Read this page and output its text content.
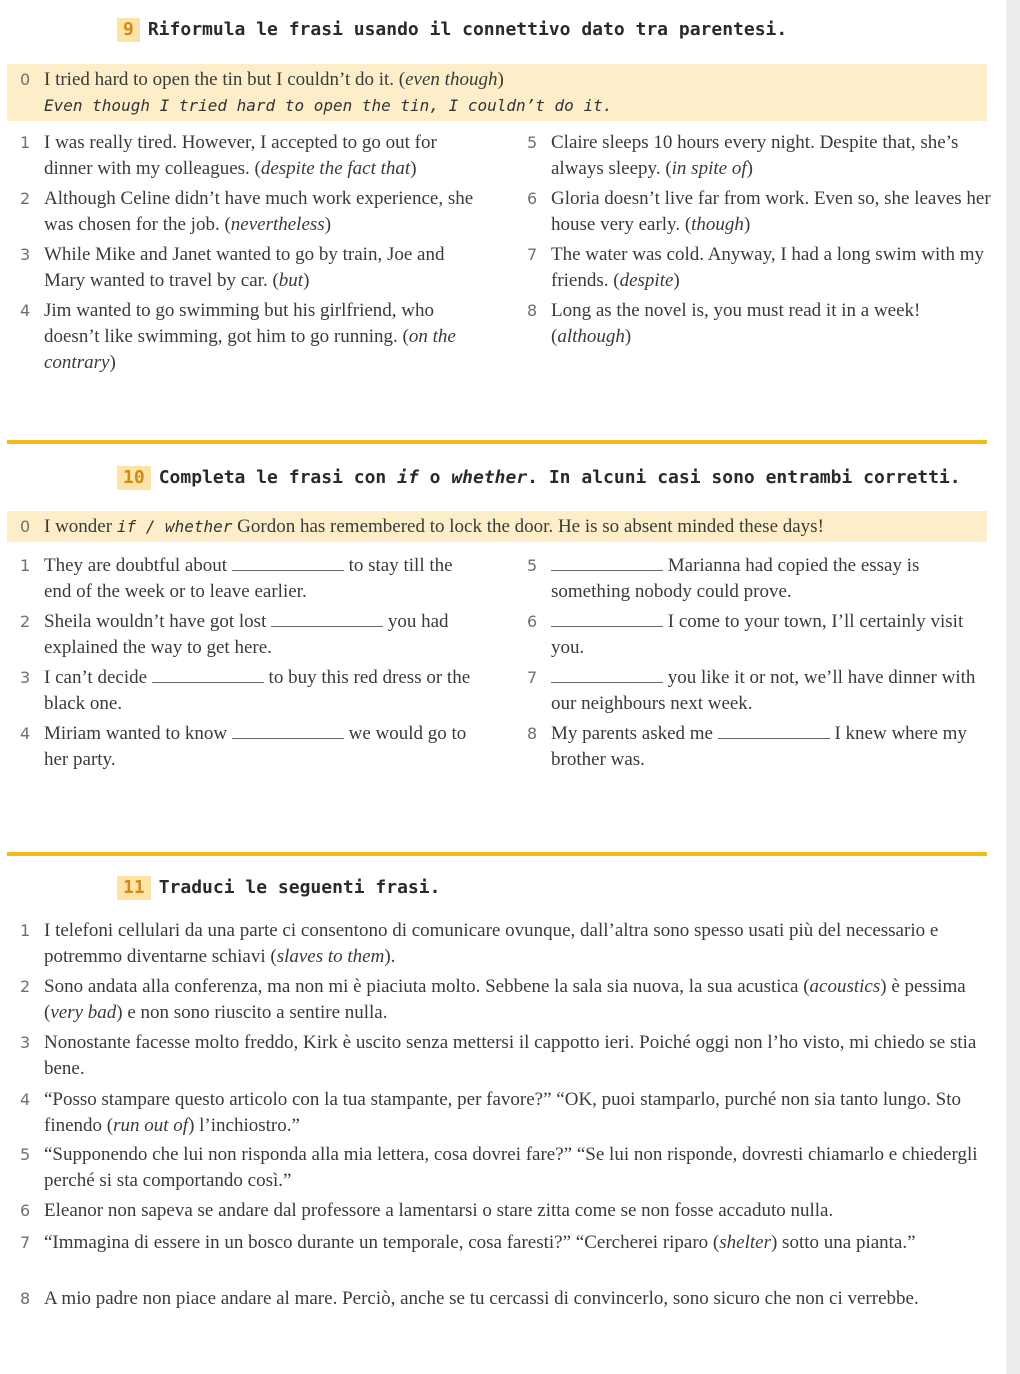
9 Riformula le frasi usando il connettivo dato tra parentesi.
0 I tried hard to open the tin but I couldn’t do it. (even though)
Even though I tried hard to open the tin, I couldn’t do it.
1 I was really tired. However, I accepted to go out for dinner with my colleagues. (despite the fact that)
2 Although Celine didn’t have much work experience, she was chosen for the job. (nevertheless)
3 While Mike and Janet wanted to go by train, Joe and Mary wanted to travel by car. (but)
4 Jim wanted to go swimming but his girlfriend, who doesn’t like swimming, got him to go running. (on the contrary)
5 Claire sleeps 10 hours every night. Despite that, she’s always sleepy. (in spite of)
6 Gloria doesn’t live far from work. Even so, she leaves her house very early. (though)
7 The water was cold. Anyway, I had a long swim with my friends. (despite)
8 Long as the novel is, you must read it in a week! (although)
10 Completa le frasi con if o whether. In alcuni casi sono entrambi corretti.
0 I wonder if / whether Gordon has remembered to lock the door. He is so absent minded these days!
1 They are doubtful about	to stay till the end of the week or to leave earlier.
2 Sheila wouldn’t have got lost	you had explained the way to get here.
3 I can’t decide	to buy this red dress or the black one.
4 Miriam wanted to know	we would go to her party.
5	Marianna had copied the essay is something nobody could prove.
6	I come to your town, I’ll certainly visit you.
7	you like it or not, we’ll have dinner with our neighbours next week.
8 My parents asked me	I knew where my brother was.
11 Traduci le seguenti frasi.
1 I telefoni cellulari da una parte ci consentono di comunicare ovunque, dall’altra sono spesso usati più del necessario e potremmo diventarne schiavi (slaves to them).
2 Sono andata alla conferenza, ma non mi è piaciuta molto. Sebbene la sala sia nuova, la sua acustica (acoustics) è pessima (very bad) e non sono riuscito a sentire nulla.
3 Nonostante facesse molto freddo, Kirk è uscito senza mettersi il cappotto ieri. Poiché oggi non l’ho visto, mi chiedo se stia bene.
4 “Posso stampare questo articolo con la tua stampante, per favore?” “OK, puoi stamparlo, purché non sia tanto lungo. Sto finendo (run out of) l’inchiostro.”
5 “Supponendo che lui non risponda alla mia lettera, cosa dovrei fare?” “Se lui non risponde, dovresti chiamarlo e chiedergli perché si sta comportando così.”
6 Eleanor non sapeva se andare dal professore a lamentarsi o stare zitta come se non fosse accaduto nulla.
7 “Immagina di essere in un bosco durante un temporale, cosa faresti?” “Cercherei riparo (shelter) sotto una pianta.”
8 A mio padre non piace andare al mare. Perciò, anche se tu cercassi di convincerlo, sono sicuro che non ci verrebbe.
